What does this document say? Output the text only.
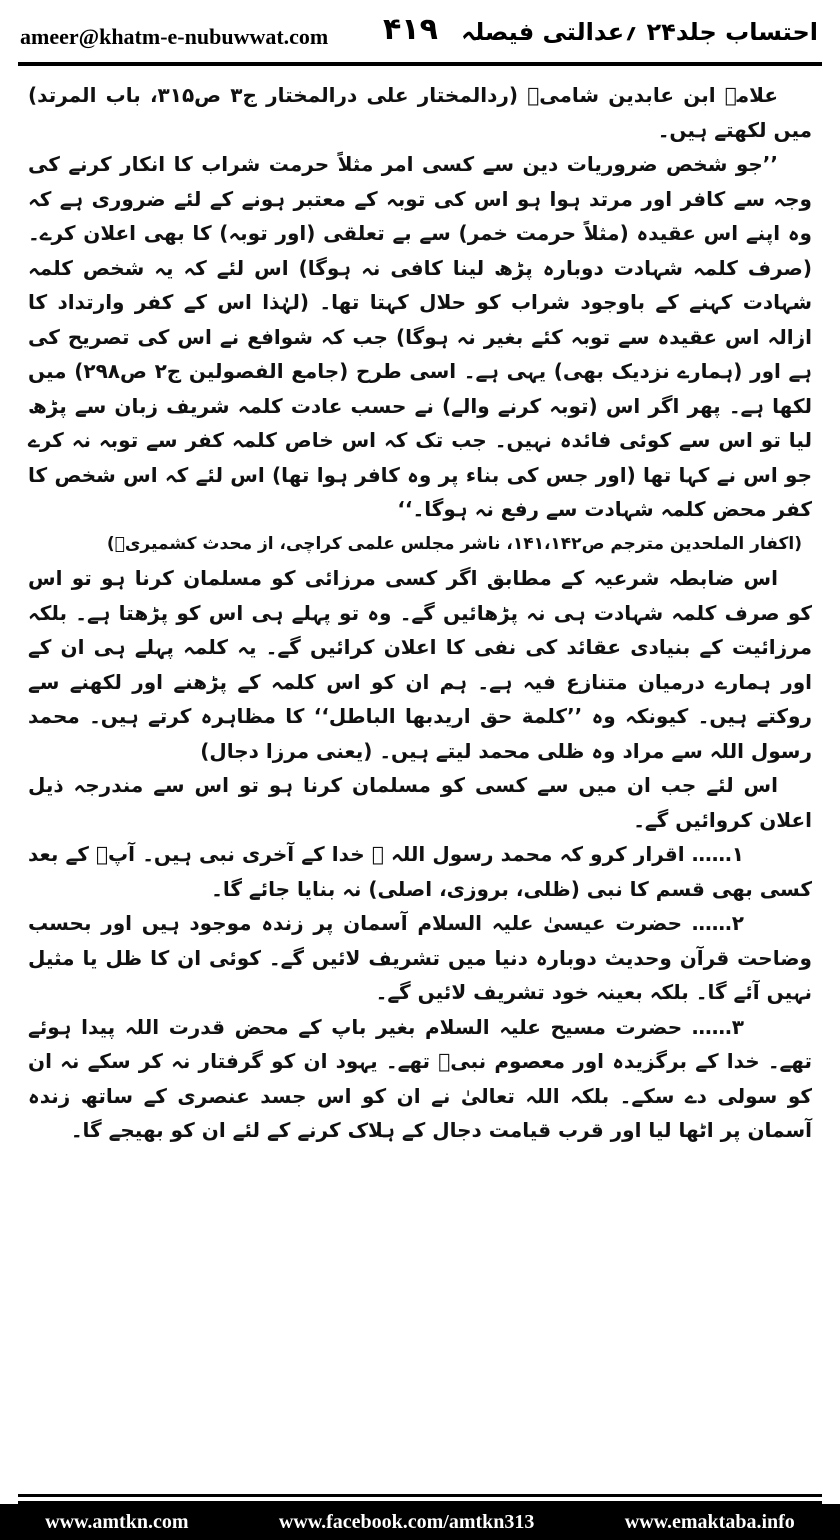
ameer@khatm-e-nubuwwat.com ۴۱۹ احتساب جلد۲۴ ؍عدالتی فیصلہ

علامہ ابن عابدین شامیؒ (ردالمختار علی درالمختار ج۳ ص۳۱۵، باب المرتد) میں لکھتے ہیں۔

’’جو شخص ضروریات دین سے کسی امر مثلاً حرمت شراب کا انکار کرنے کی وجہ سے کافر اور مرتد ہوا ہو اس کی توبہ کے معتبر ہونے کے لئے ضروری ہے کہ وہ اپنے اس عقیدہ (مثلاً حرمت خمر) سے بے تعلقی (اور توبہ) کا بھی اعلان کرے۔ (صرف کلمہ شہادت دوبارہ پڑھ لینا کافی نہ ہوگا) اس لئے کہ یہ شخص کلمہ شہادت کہنے کے باوجود شراب کو حلال کہتا تھا۔ (لہٰذا اس کے کفر وارتداد کا ازالہ اس عقیدہ سے توبہ کئے بغیر نہ ہوگا) جب کہ شوافع نے اس کی تصریح کی ہے اور (ہمارے نزدیک بھی) یہی ہے۔ اسی طرح (جامع الفصولین ج۲ ص۲۹۸) میں لکھا ہے۔ پھر اگر اس (توبہ کرنے والے) نے حسب عادت کلمہ شریف زبان سے پڑھ لیا تو اس سے کوئی فائدہ نہیں۔ جب تک کہ اس خاص کلمہ کفر سے توبہ نہ کرے جو اس نے کہا تھا (اور جس کی بناء پر وہ کافر ہوا تھا) اس لئے کہ اس شخص کا کفر محض کلمہ شہادت سے رفع نہ ہوگا۔‘‘

(اکفار الملحدین مترجم ص۱۴۱،۱۴۲، ناشر مجلس علمی کراچی، از محدث کشمیریؒ)

اس ضابطہ شرعیہ کے مطابق اگر کسی مرزائی کو مسلمان کرنا ہو تو اس کو صرف کلمہ شہادت ہی نہ پڑھائیں گے۔ وہ تو پہلے ہی اس کو پڑھتا ہے۔ بلکہ مرزائیت کے بنیادی عقائد کی نفی کا اعلان کرائیں گے۔ یہ کلمہ پہلے ہی ان کے اور ہمارے درمیان متنازع فیہ ہے۔ ہم ان کو اس کلمہ کے پڑھنے اور لکھنے سے روکتے ہیں۔ کیونکہ وہ ’’کلمة حق اریدبها الباطل‘‘ کا مظاہرہ کرتے ہیں۔ محمد رسول اللہ سے مراد وہ ظلی محمد لیتے ہیں۔ (یعنی مرزا دجال)

اس لئے جب ان میں سے کسی کو مسلمان کرنا ہو تو اس سے مندرجہ ذیل اعلان کروائیں گے۔

۱…… اقرار کرو کہ محمد رسول اللہ ﷺ خدا کے آخری نبی ہیں۔ آپؐ کے بعد کسی بھی قسم کا نبی (ظلی، بروزی، اصلی) نہ بنایا جائے گا۔

۲…… حضرت عیسیٰ علیہ السلام آسمان پر زندہ موجود ہیں اور بحسب وضاحت قرآن وحدیث دوبارہ دنیا میں تشریف لائیں گے۔ کوئی ان کا ظل یا مثیل نہیں آئے گا۔ بلکہ بعینہ خود تشریف لائیں گے۔

۳…… حضرت مسیح علیہ السلام بغیر باپ کے محض قدرت اللہ پیدا ہوئے تھے۔ خدا کے برگزیدہ اور معصوم نبیؑ تھے۔ یہود ان کو گرفتار نہ کر سکے نہ ان کو سولی دے سکے۔ بلکہ اللہ تعالیٰ نے ان کو اس جسد عنصری کے ساتھ زندہ آسمان پر اٹھا لیا اور قرب قیامت دجال کے ہلاک کرنے کے لئے ان کو بھیجے گا۔

www.amtkn.com	www.facebook.com/amtkn313	www.emaktaba.info
